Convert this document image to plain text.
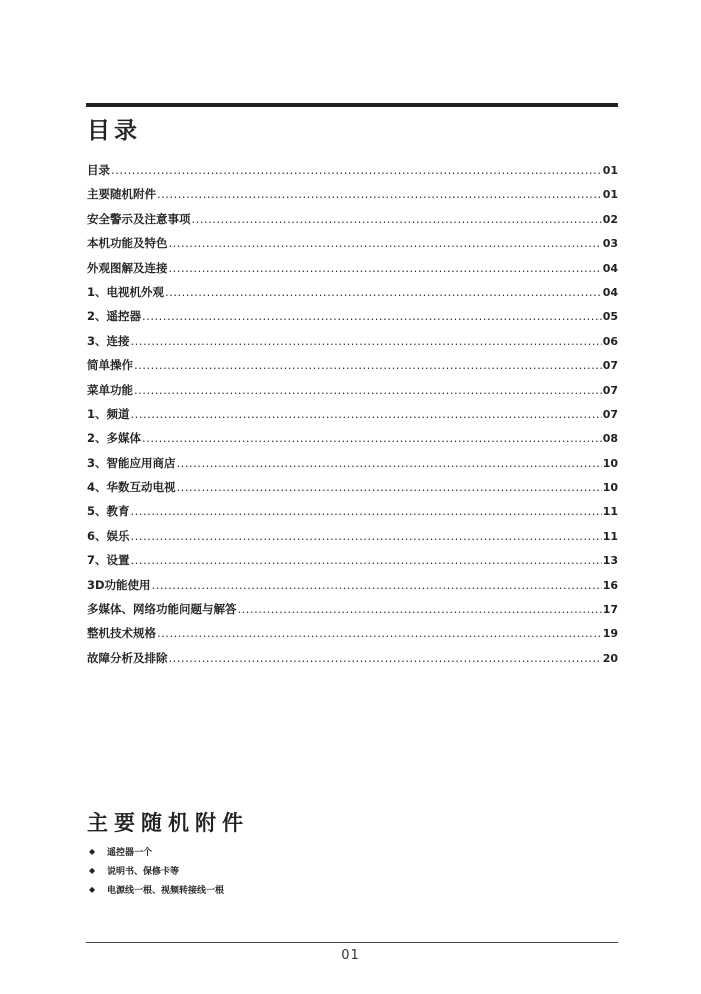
目录
目录 .....	01
主要随机附件 .....	01
安全警示及注意事项 .....	02
本机功能及特色 .....	03
外观图解及连接 .....	04
1、电视机外观 .....	04
2、遥控器 .....	05
3、连接 .....	06
简单操作 .....	07
菜单功能 .....	07
1、频道 .....	07
2、多媒体 .....	08
3、智能应用商店 .....	10
4、华数互动电视 .....	10
5、教育 .....	11
6、娱乐 .....	11
7、设置 .....	13
3D功能使用 .....	16
多媒体、网络功能问题与解答 .....	17
整机技术规格 .....	19
故障分析及排除 .....	20
主要随机附件
◆	遥控器一个
◆	说明书、保修卡等
◆	电源线一根、视频转接线一根
01
